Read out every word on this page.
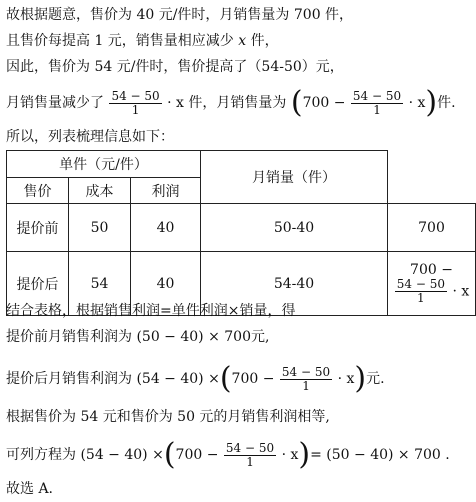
故根据题意，售价为 40 元/件时，月销售量为 700 件，
且售价每提高 1 元，销售量相应减少 x 件，
因此，售价为 54 元/件时，售价提高了（54-50）元，
月销售量减少了 $\frac{54 - 50}{1} \cdot x$ 件，月销售量为 $(700 - \frac{54 - 50}{1} \cdot x)$件.
所以，列表梳理信息如下：
单件（元/件）			月销量（件）	
售价	成本	利润		
提价前	50	40	50-40	700
提价后	54	40	54-40	700 −
$\frac{54 - 50}{1} \cdot x$
结合表格，根据销售利润=单件利润×销量，得
提价前月销售利润为 (50 − 40) × 700元,
提价后月销售利润为 $(54 - 40) \times(700 - \frac{54 - 50}{1} \cdot x)$元.
根据售价为 54 元和售价为 50 元的月销售利润相等,
可列方程为 $(54 - 40) \times(700 - \frac{54 - 50}{1} \cdot x)= (50 - 40) \times 700$ .
故选 A.
